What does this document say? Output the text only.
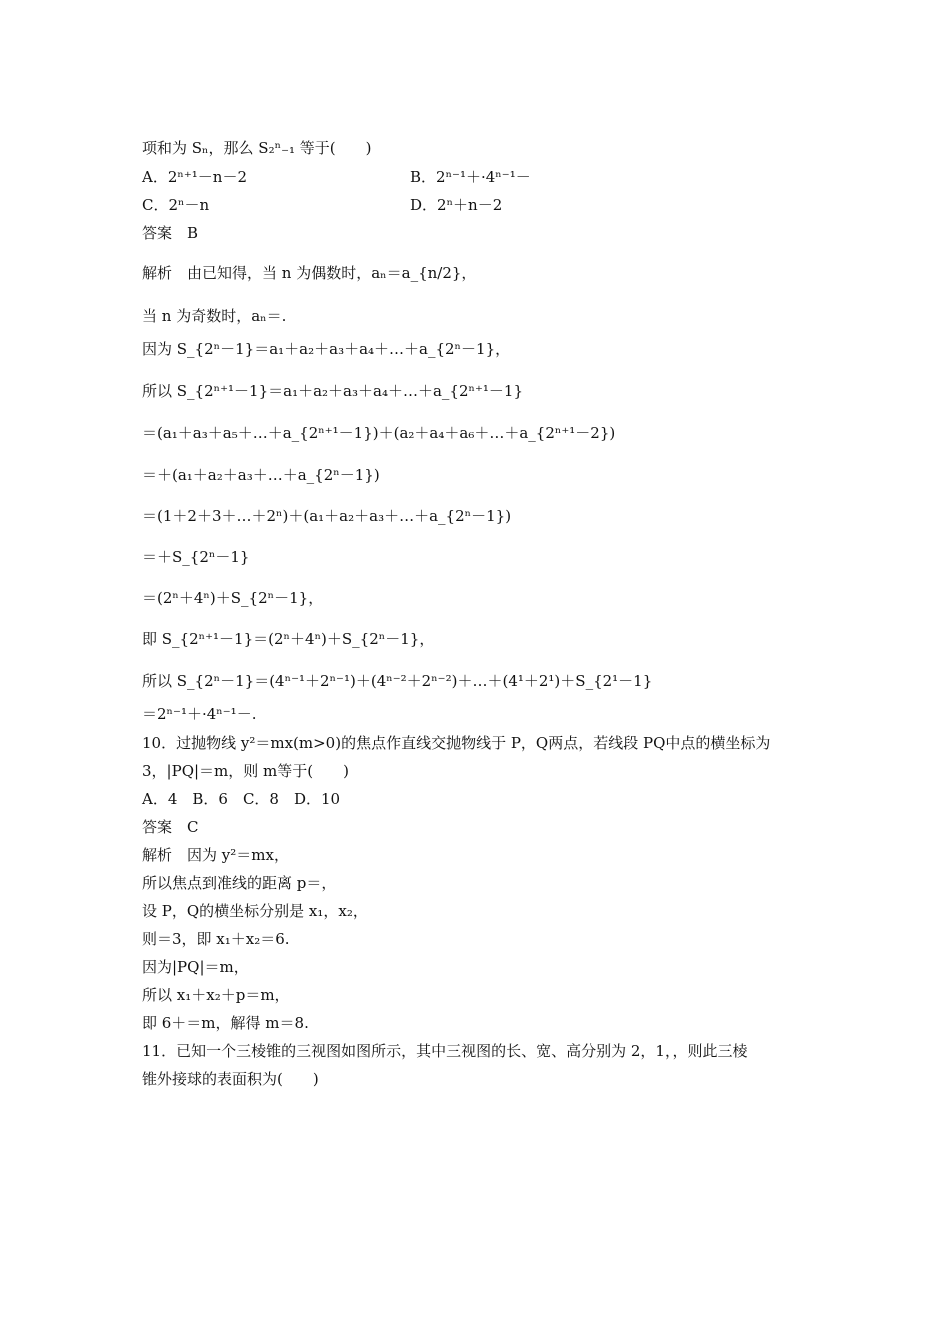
项和为 Sₙ，那么 S₂ⁿ₋₁ 等于(　　)
A．2ⁿ⁺¹－n－2	B．2ⁿ⁻¹＋·4ⁿ⁻¹－
C．2ⁿ－n	D．2ⁿ＋n－2
答案　B
解析　由已知得，当 n 为偶数时，aₙ＝a_{n/2}，
当 n 为奇数时，aₙ＝.
因为 S_{2ⁿ－1}＝a₁＋a₂＋a₃＋a₄＋…＋a_{2ⁿ－1}，
所以 S_{2ⁿ⁺¹－1}＝a₁＋a₂＋a₃＋a₄＋…＋a_{2ⁿ⁺¹－1}
＝(a₁＋a₃＋a₅＋…＋a_{2ⁿ⁺¹－1})＋(a₂＋a₄＋a₆＋…＋a_{2ⁿ⁺¹－2})
＝＋(a₁＋a₂＋a₃＋…＋a_{2ⁿ－1})
＝(1＋2＋3＋…＋2ⁿ)＋(a₁＋a₂＋a₃＋…＋a_{2ⁿ－1})
＝＋S_{2ⁿ－1}
＝(2ⁿ＋4ⁿ)＋S_{2ⁿ－1}，
即 S_{2ⁿ⁺¹－1}＝(2ⁿ＋4ⁿ)＋S_{2ⁿ－1}，
所以 S_{2ⁿ－1}＝(4ⁿ⁻¹＋2ⁿ⁻¹)＋(4ⁿ⁻²＋2ⁿ⁻²)＋…＋(4¹＋2¹)＋S_{2¹－1}
＝2ⁿ⁻¹＋·4ⁿ⁻¹－.
10．过抛物线 y²＝mx(m>0)的焦点作直线交抛物线于 P，Q两点，若线段 PQ中点的横坐标为
3，|PQ|＝m，则 m等于(　　)
A．4　B．6　C．8　D．10
答案　C
解析　因为 y²＝mx，
所以焦点到准线的距离 p＝，
设 P，Q的横坐标分别是 x₁，x₂，
则＝3，即 x₁＋x₂＝6.
因为|PQ|＝m，
所以 x₁＋x₂＋p＝m，
即 6＋＝m，解得 m＝8.
11．已知一个三棱锥的三视图如图所示，其中三视图的长、宽、高分别为 2，1，，则此三棱
锥外接球的表面积为(　　)
